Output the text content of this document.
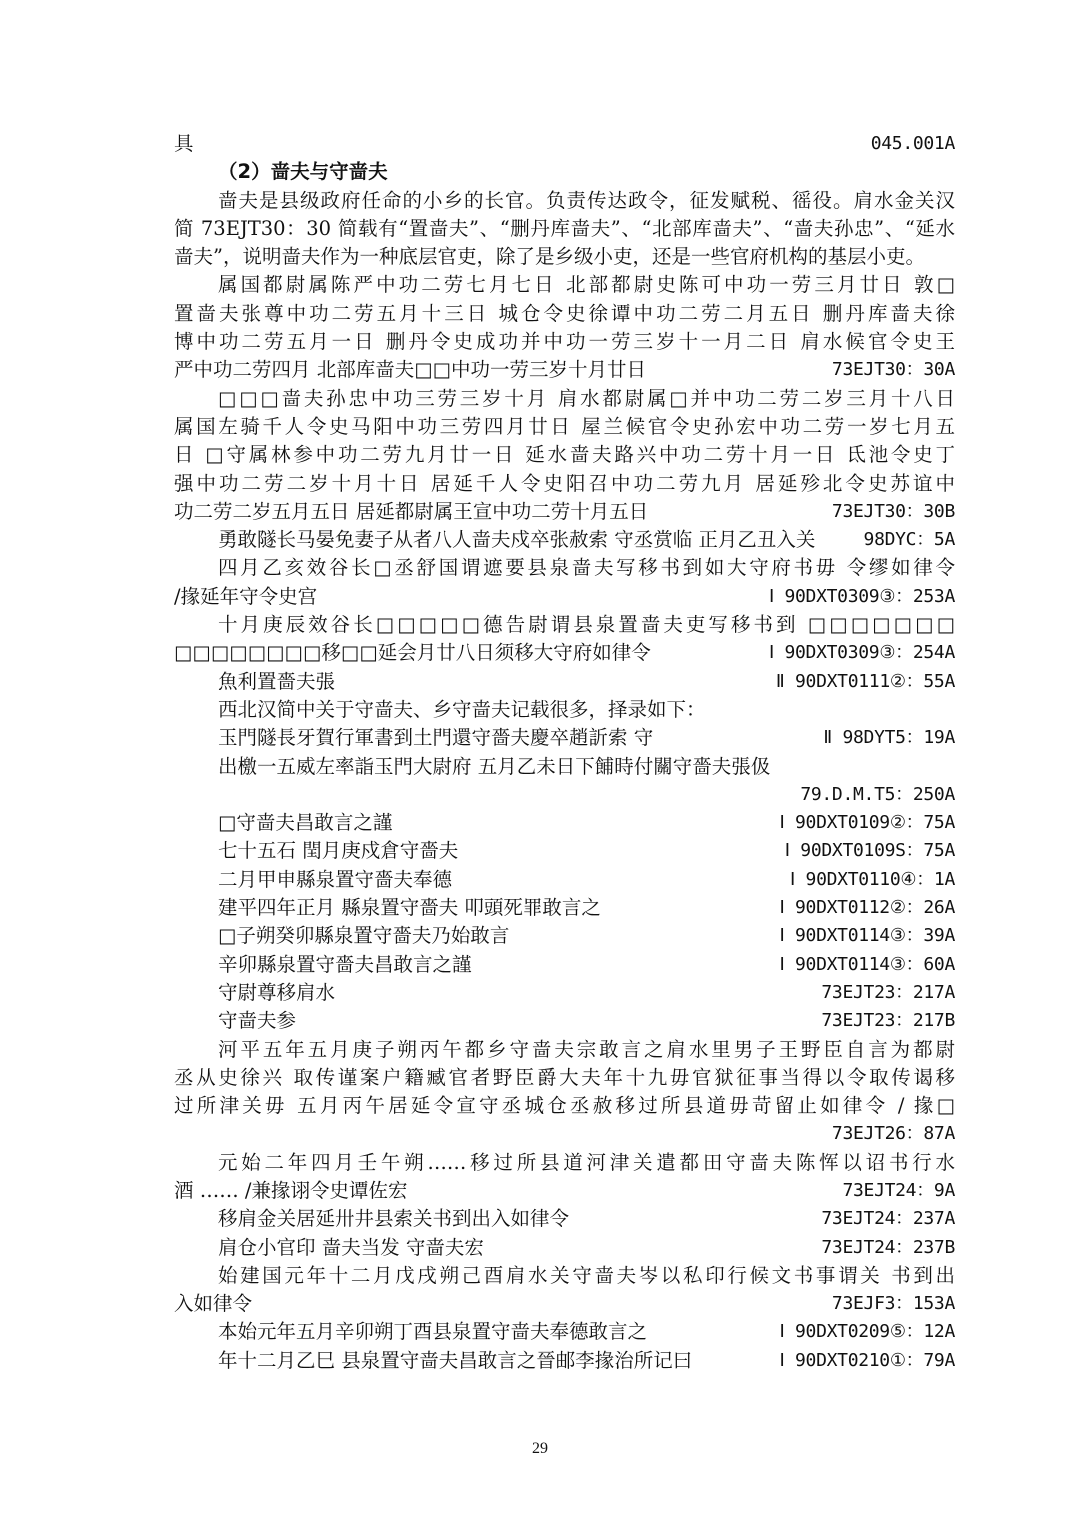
具	045.001A
（2）啬夫与守啬夫
啬夫是县级政府任命的小乡的长官。负责传达政令，征发赋税、徭役。肩水金关汉
简 73EJT30：30 简载有“置啬夫”、“删丹库啬夫”、“北部库啬夫”、“啬夫孙忠”、“延水
啬夫”，说明啬夫作为一种底层官吏，除了是乡级小吏，还是一些官府机构的基层小吏。
属国都尉属陈严中功二劳七月七日 北部都尉史陈可中功一劳三月廿日 敦□
置啬夫张尊中功二劳五月十三日 城仓令史徐谭中功二劳二月五日 删丹库啬夫徐
博中功二劳五月一日 删丹令史成功并中功一劳三岁十一月二日 肩水候官令史王
严中功二劳四月 北部库啬夫□□中功一劳三岁十月廿日	73EJT30：30A
□□□啬夫孙忠中功三劳三岁十月 肩水都尉属□并中功二劳二岁三月十八日
属国左骑千人令史马阳中功三劳四月廿日 屋兰候官令史孙宏中功二劳一岁七月五
日 □守属林参中功二劳九月廿一日 延水啬夫路兴中功二劳十月一日 氐池令史丁
强中功二劳二岁十月十日 居延千人令史阳召中功二劳九月 居延殄北令史苏谊中
功二劳二岁五月五日 居延都尉属王宣中功二劳十月五日	73EJT30：30B
勇敢隧长马晏免妻子从者八人啬夫戍卒张赦索 守丞赏临 正月乙丑入关	98DYC：5A
四月乙亥效谷长□丞舒国谓遮要县泉啬夫写移书到如大守府书毋 令缪如律令
/掾延年守令史宫	Ⅰ 90DXT0309③：253A
十月庚辰效谷长□□□□□德告尉谓县泉置啬夫吏写移书到 □□□□□□□
□□□□□□□□移□□延会月廿八日须移大守府如律令	Ⅰ 90DXT0309③：254A
魚利置嗇夫張	Ⅱ 90DXT0111②：55A
西北汉简中关于守啬夫、乡守啬夫记载很多，择录如下：
玉門隧長牙賀行軍書到土門還守嗇夫慶卒趙訢索 守	Ⅱ 98DYT5：19A
出檄一五威左率詣玉門大尉府 五月乙未日下餔時付關守嗇夫張伋
79.D.M.T5：250A
□守啬夫昌敢言之謹	Ⅰ 90DXT0109②：75A
七十五石 閏月庚戍倉守嗇夫	Ⅰ 90DXT0109S：75A
二月甲申縣泉置守嗇夫奉德	Ⅰ 90DXT0110④：1A
建平四年正月 縣泉置守嗇夫 叩頭死罪敢言之	Ⅰ 90DXT0112②：26A
□子朔癸卯縣泉置守嗇夫乃始敢言	Ⅰ 90DXT0114③：39A
辛卯縣泉置守嗇夫昌敢言之謹	Ⅰ 90DXT0114③：60A
守尉尊移肩水	73EJT23：217A
守啬夫参	73EJT23：217B
河平五年五月庚子朔丙午都乡守啬夫宗敢言之肩水里男子王野臣自言为都尉
丞从史徐兴 取传谨案户籍臧官者野臣爵大夫年十九毋官狱征事当得以令取传谒移
过所津关毋 五月丙午居延令宣守丞城仓丞赦移过所县道毋苛留止如律令 / 掾□
73EJT26：87A
元始二年四月壬午朔……移过所县道河津关遣都田守啬夫陈恽以诏书行水
酒 …… /兼掾诩令史谭佐宏	73EJT24：9A
移肩金关居延卅井县索关书到出入如律令	73EJT24：237A
肩仓小官印 啬夫当发 守啬夫宏	73EJT24：237B
始建国元年十二月戊戌朔己酉肩水关守啬夫岑以私印行候文书事谓关 书到出
入如律令	73EJF3：153A
本始元年五月辛卯朔丁酉县泉置守啬夫奉德敢言之	Ⅰ 90DXT0209⑤：12A
年十二月乙巳 县泉置守啬夫昌敢言之晉邮李掾治所记曰	Ⅰ 90DXT0210①：79A
29
